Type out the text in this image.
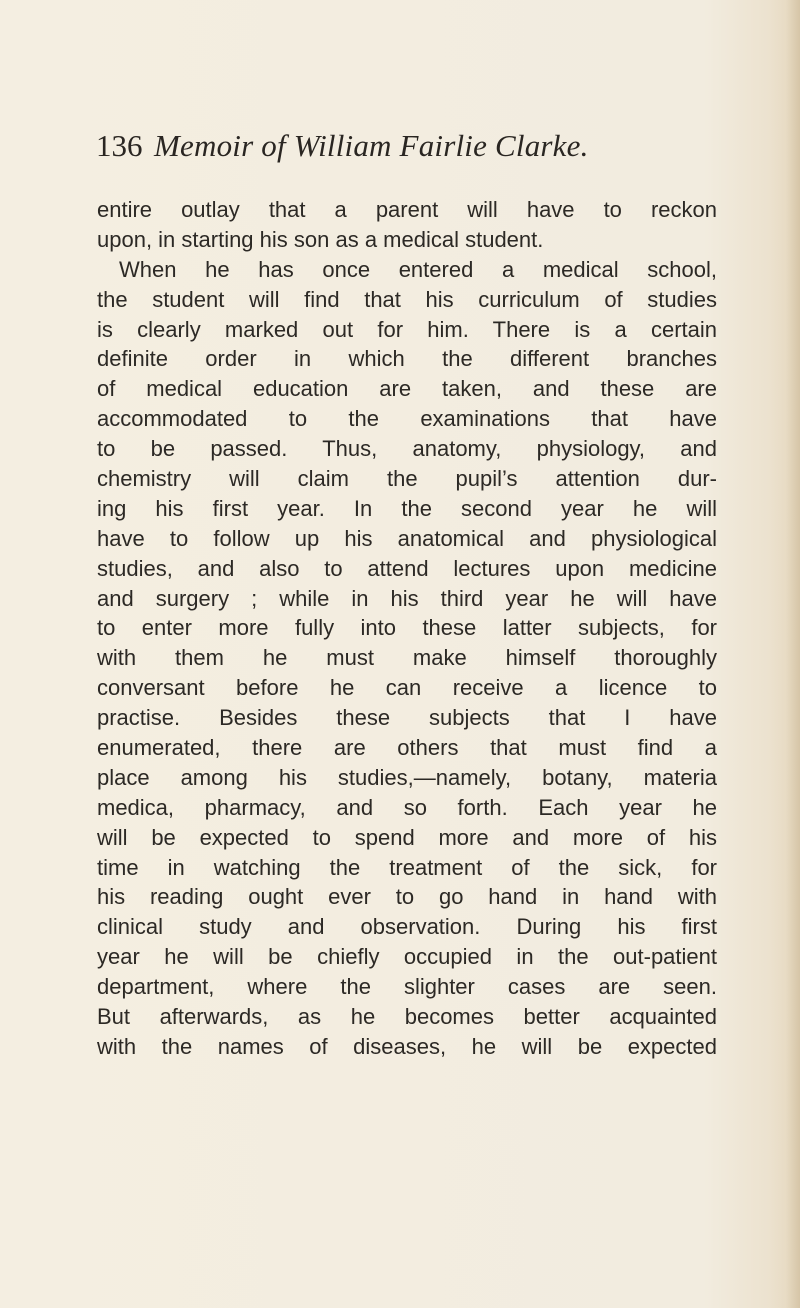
136 Memoir of William Fairlie Clarke.
entire outlay that a parent will have to reckon
upon, in starting his son as a medical student.
When he has once entered a medical school,
the student will find that his curriculum of studies
is clearly marked out for him. There is a certain
definite order in which the different branches
of medical education are taken, and these are
accommodated to the examinations that have
to be passed. Thus, anatomy, physiology, and
chemistry will claim the pupil’s attention dur-
ing his first year. In the second year he will
have to follow up his anatomical and physiological
studies, and also to attend lectures upon medicine
and surgery ; while in his third year he will have
to enter more fully into these latter subjects, for
with them he must make himself thoroughly
conversant before he can receive a licence to
practise. Besides these subjects that I have
enumerated, there are others that must find a
place among his studies,—namely, botany, materia
medica, pharmacy, and so forth. Each year he
will be expected to spend more and more of his
time in watching the treatment of the sick, for
his reading ought ever to go hand in hand with
clinical study and observation. During his first
year he will be chiefly occupied in the out-patient
department, where the slighter cases are seen.
But afterwards, as he becomes better acquainted
with the names of diseases, he will be expected
